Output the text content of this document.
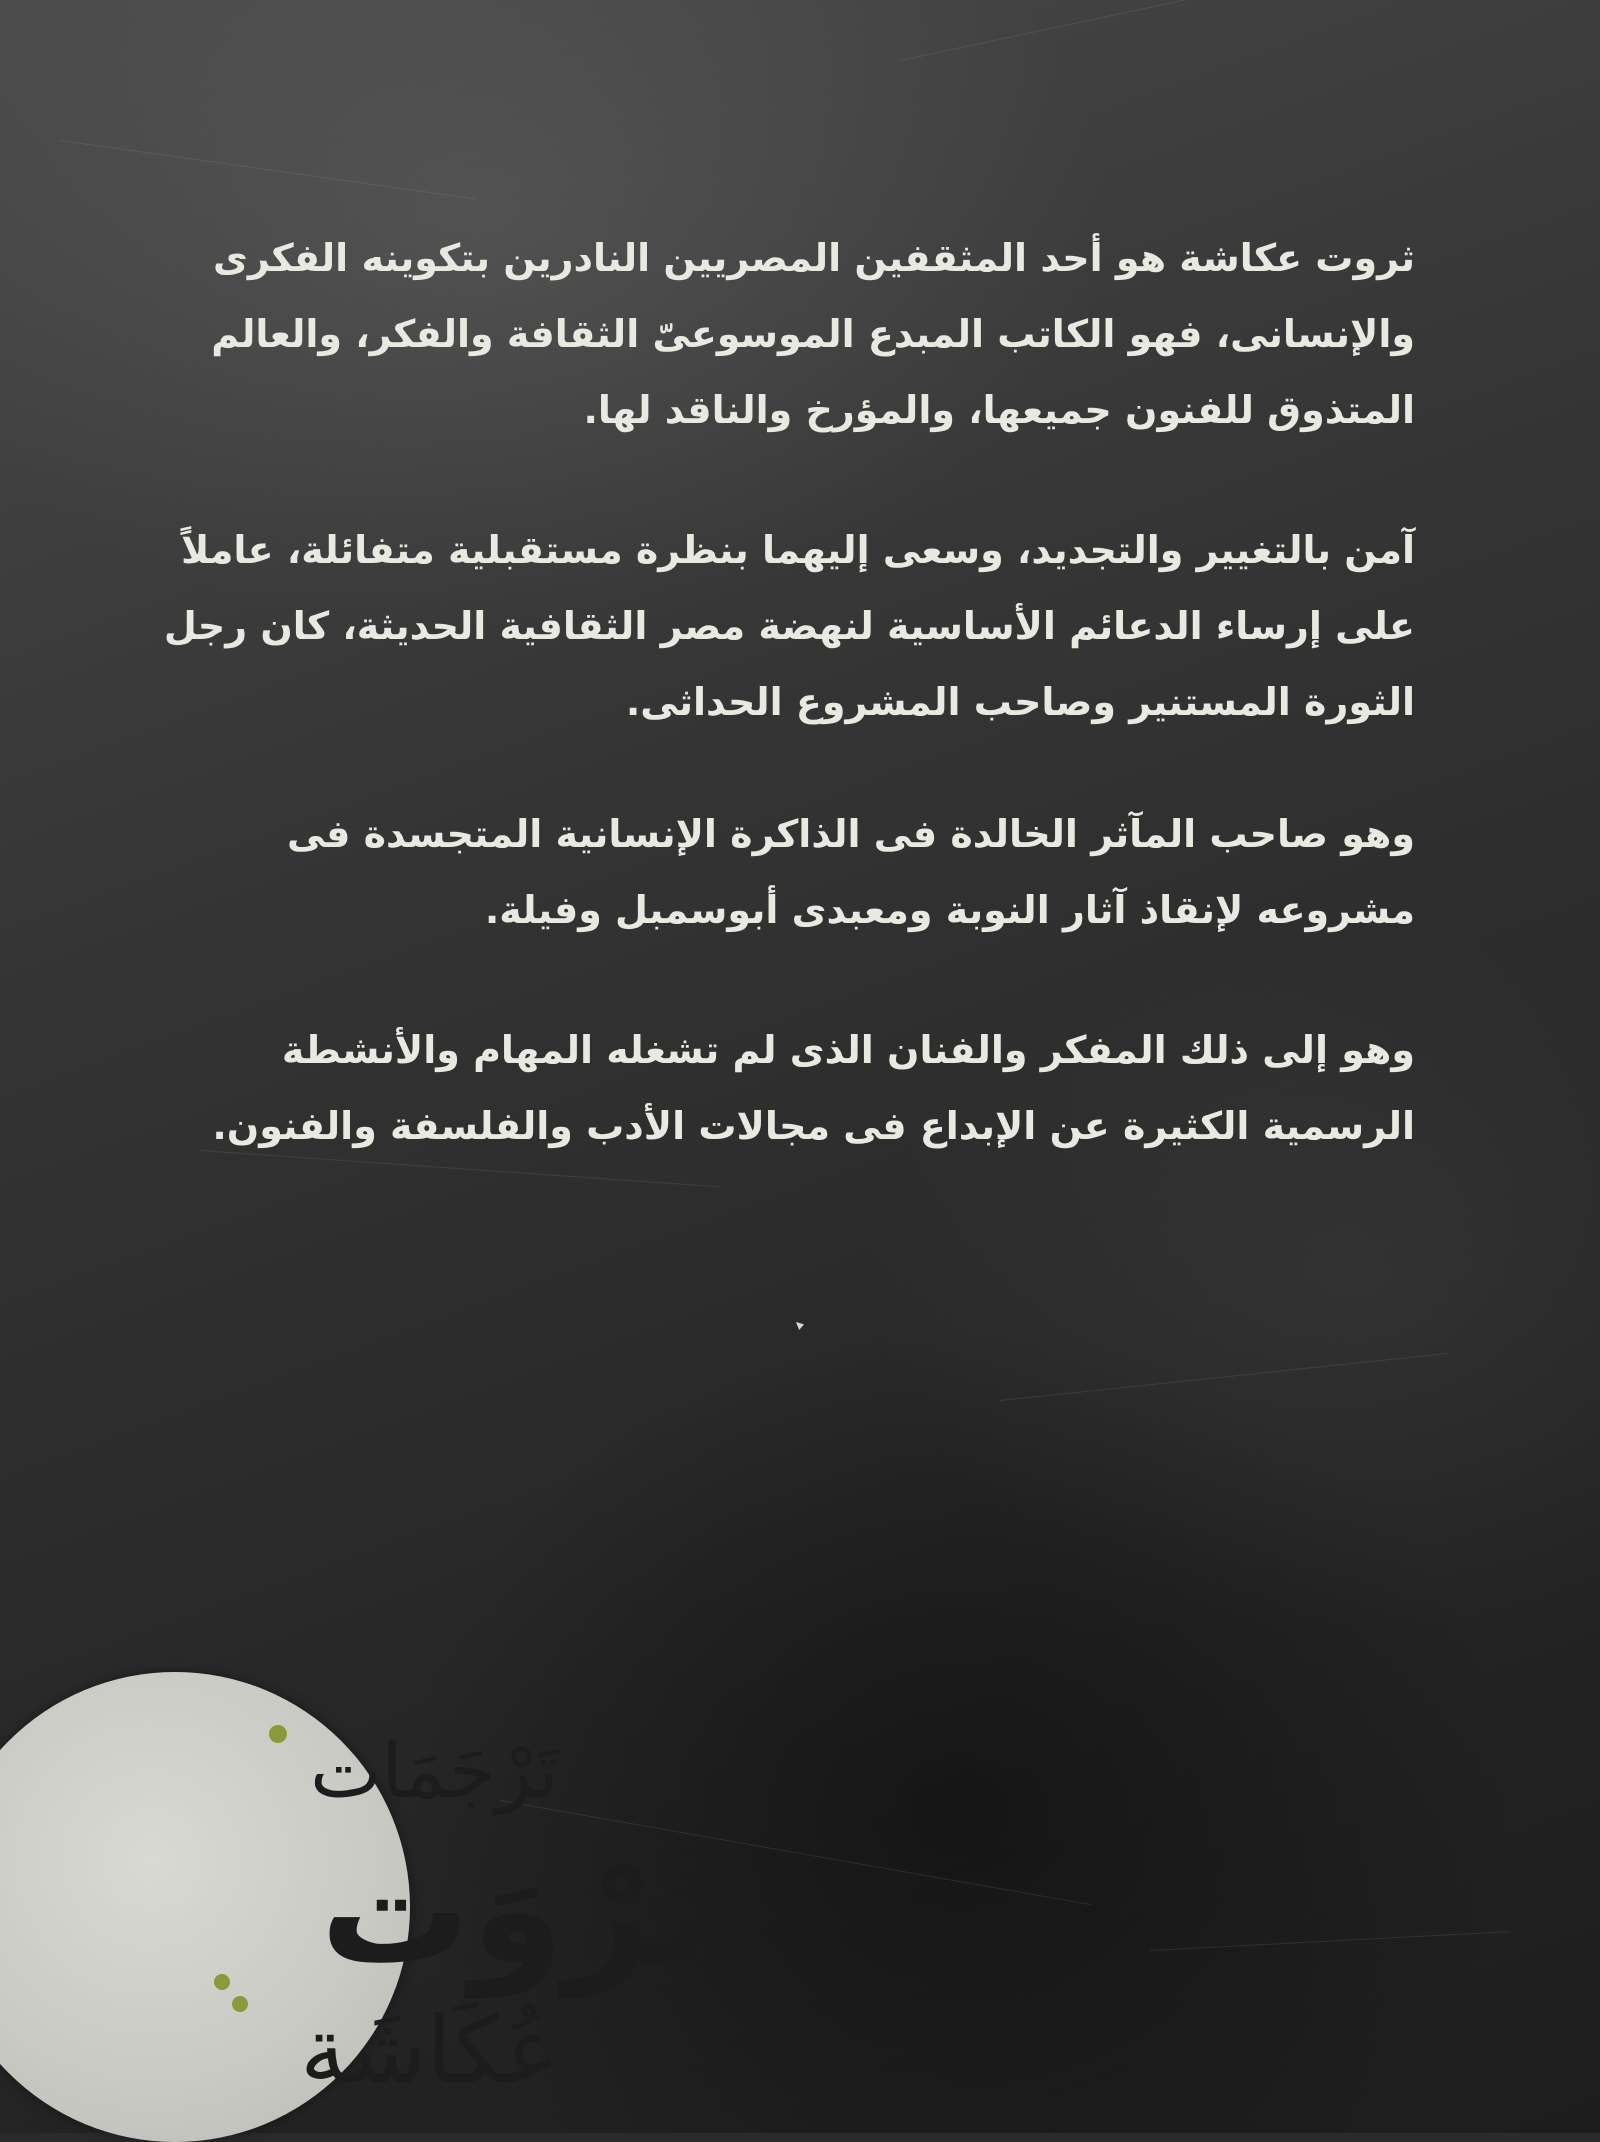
ثروت عكاشة هو أحد المثقفين المصريين النادرين بتكوينه الفكرى والإنسانى، فهو الكاتب المبدع الموسوعىّ الثقافة والفكر، والعالم المتذوق للفنون جميعها، والمؤرخ والناقد لها.

آمن بالتغيير والتجديد، وسعى إليهما بنظرة مستقبلية متفائلة، عاملاً على إرساء الدعائم الأساسية لنهضة مصر الثقافية الحديثة، كان رجل الثورة المستنير وصاحب المشروع الحداثى.

وهو صاحب المآثر الخالدة فى الذاكرة الإنسانية المتجسدة فى مشروعه لإنقاذ آثار النوبة ومعبدى أبوسمبل وفيلة.

وهو إلى ذلك المفكر والفنان الذى لم تشغله المهام والأنشطة الرسمية الكثيرة عن الإبداع فى مجالات الأدب والفلسفة والفنون.

تَرْجَمَات
ثَرْوَت
عُكَاشَة
